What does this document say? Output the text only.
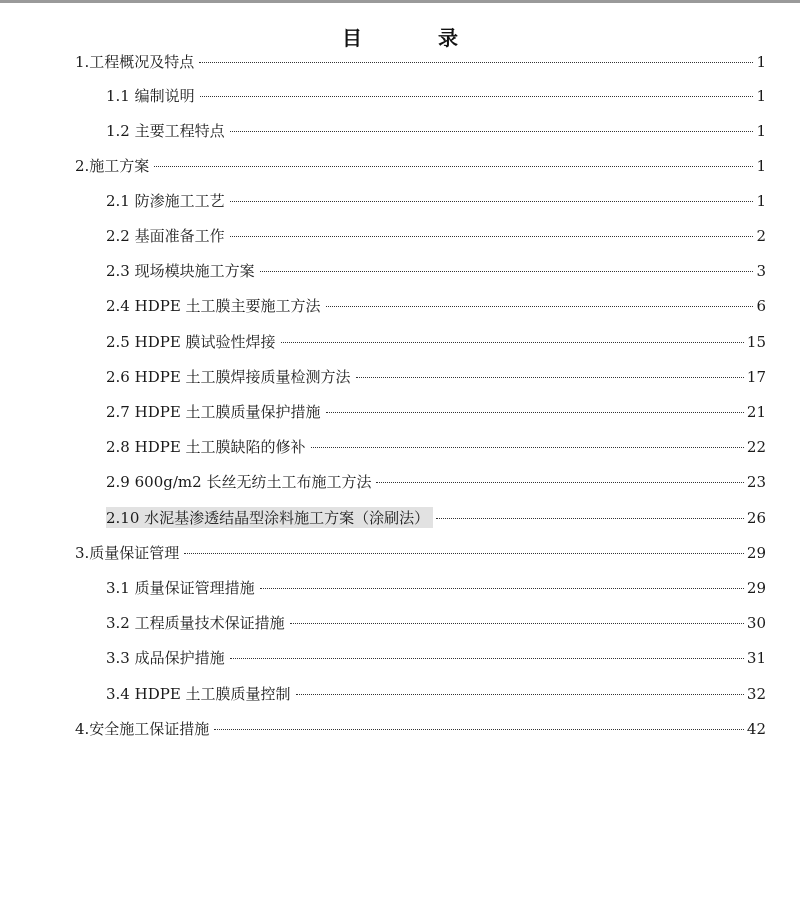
目　录
1.工程概况及特点	1
1.1 编制说明	1
1.2 主要工程特点	1
2.施工方案	1
2.1 防渗施工工艺	1
2.2 基面准备工作	2
2.3 现场模块施工方案	3
2.4 HDPE 土工膜主要施工方法	6
2.5 HDPE 膜试验性焊接	15
2.6 HDPE 土工膜焊接质量检测方法	17
2.7 HDPE 土工膜质量保护措施	21
2.8 HDPE 土工膜缺陷的修补	22
2.9 600g/m2 长丝无纺土工布施工方法	23
2.10 水泥基渗透结晶型涂料施工方案（涂刷法）	26
3.质量保证管理	29
3.1 质量保证管理措施	29
3.2 工程质量技术保证措施	30
3.3 成品保护措施	31
3.4 HDPE 土工膜质量控制	32
4.安全施工保证措施	42
